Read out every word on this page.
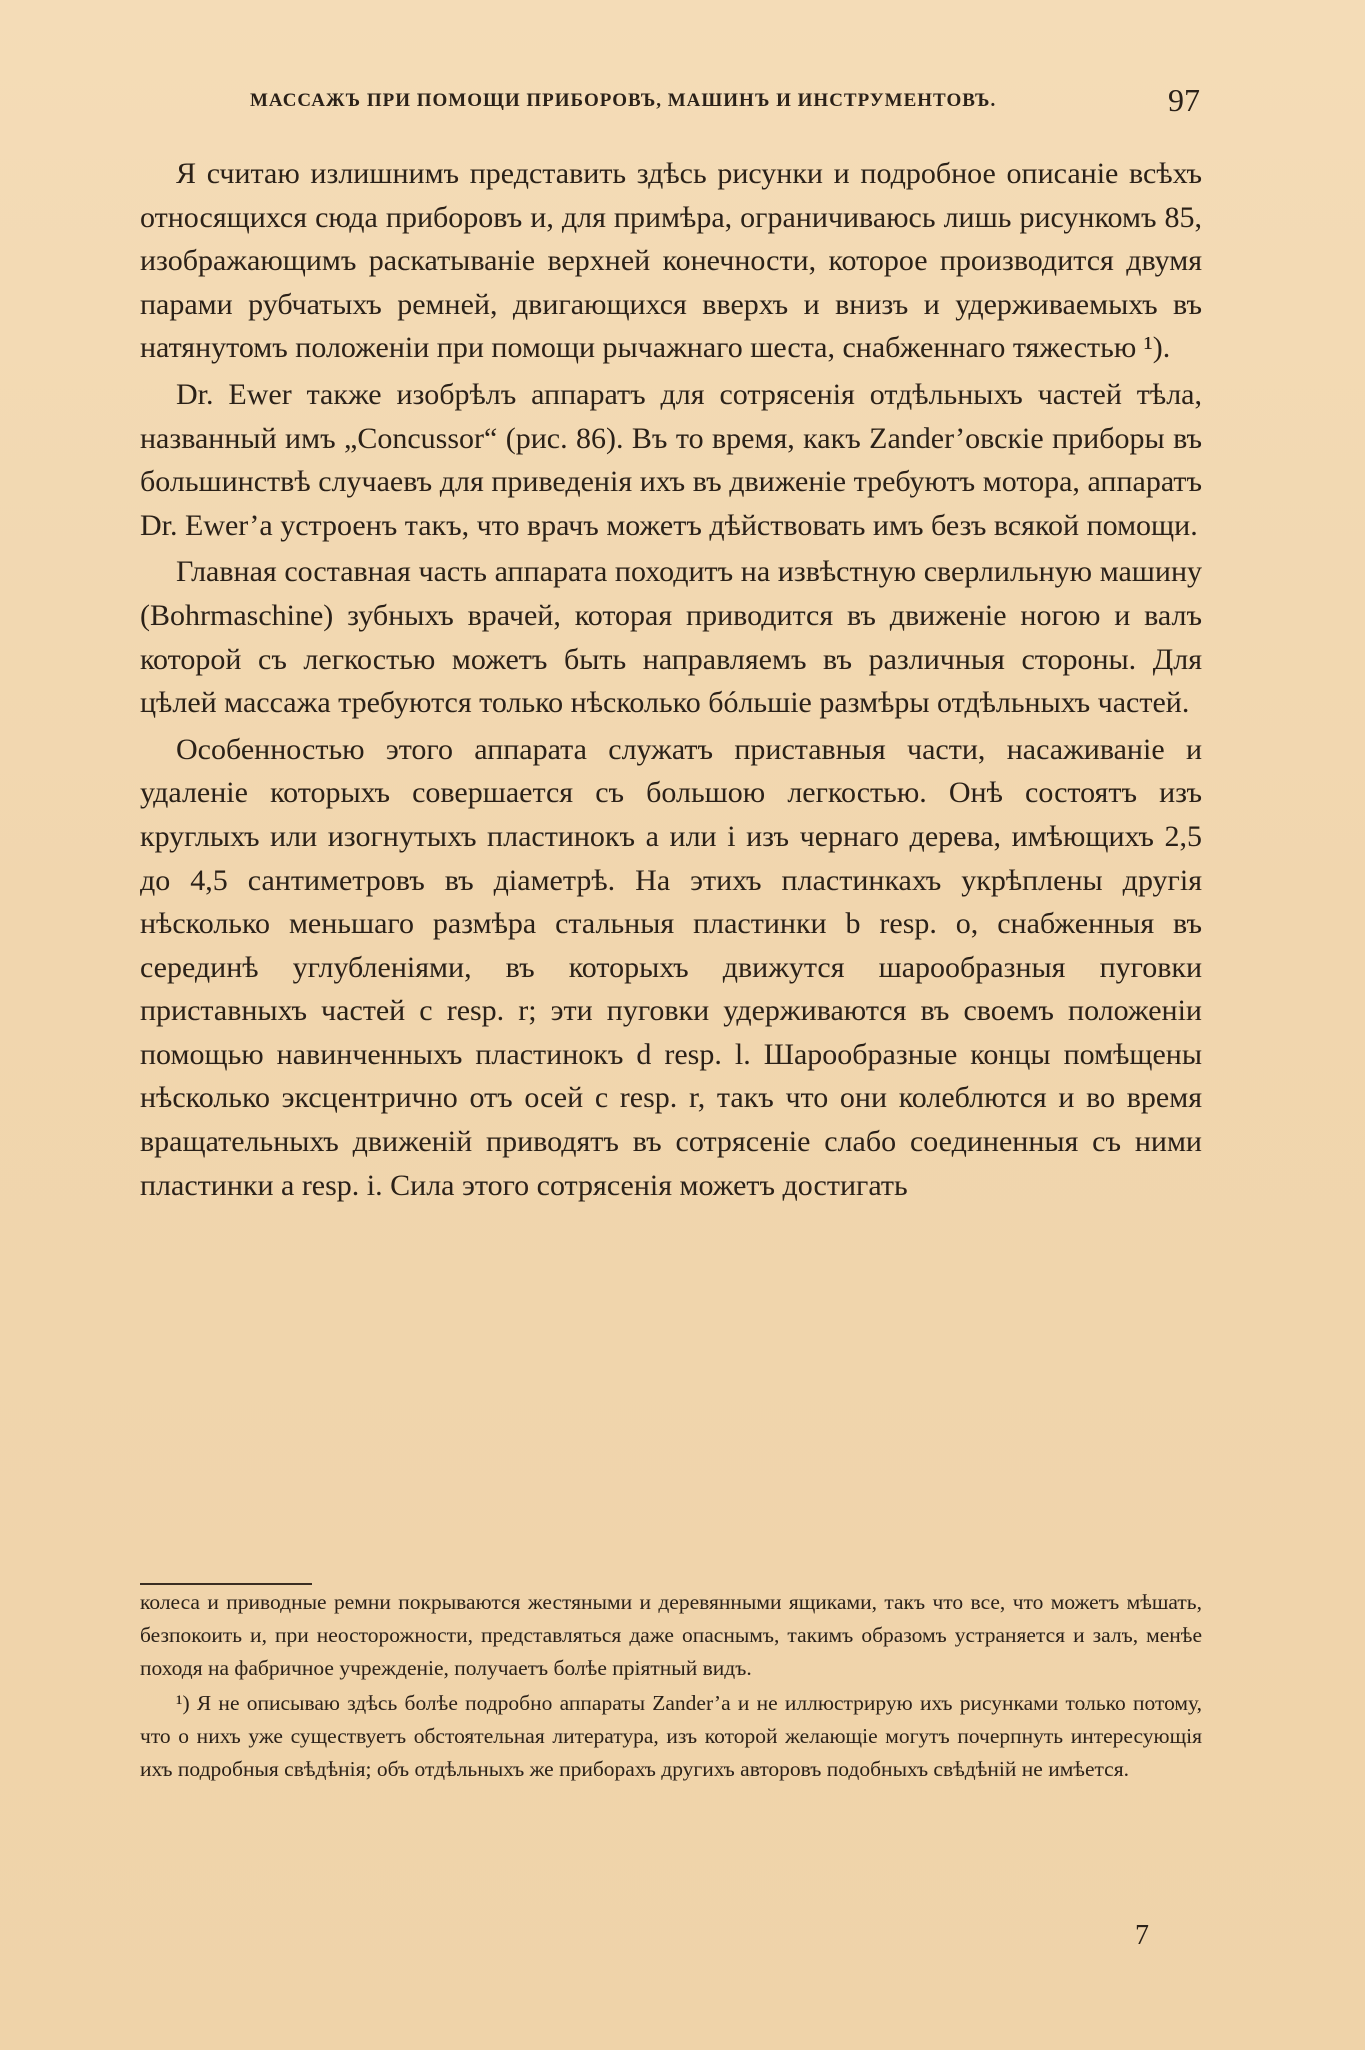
МАССАЖЪ ПРИ ПОМОЩИ ПРИБОРОВЪ, МАШИНЪ И ИНСТРУМЕНТОВЪ.	97

Я считаю излишнимъ представить здѣсь рисунки и подробное описаніе всѣхъ относящихся сюда приборовъ и, для примѣра, ограничиваюсь лишь рисункомъ 85, изображающимъ раскатываніе верхней конечности, которое производится двумя парами рубчатыхъ ремней, двигающихся вверхъ и внизъ и удерживаемыхъ въ натянутомъ положеніи при помощи рычажнаго шеста, снабженнаго тяжестью ¹).

Dr. Ewer также изобрѣлъ аппаратъ для сотрясенія отдѣльныхъ частей тѣла, названный имъ „Concussor“ (рис. 86). Въ то время, какъ Zander’овскіе приборы въ большинствѣ случаевъ для приведенія ихъ въ движеніе требуютъ мотора, аппаратъ Dr. Ewer’a устроенъ такъ, что врачъ можетъ дѣйствовать имъ безъ всякой помощи.

Главная составная часть аппарата походитъ на извѣстную сверлильную машину (Bohrmaschine) зубныхъ врачей, которая приводится въ движеніе ногою и валъ которой съ легкостью можетъ быть направляемъ въ различныя стороны. Для цѣлей массажа требуются только нѣсколько бóльшіе размѣры отдѣльныхъ частей.

Особенностью этого аппарата служатъ приставныя части, насаживаніе и удаленіе которыхъ совершается съ большою легкостью. Онѣ состоятъ изъ круглыхъ или изогнутыхъ пластинокъ a или i изъ чернаго дерева, имѣющихъ 2,5 до 4,5 сантиметровъ въ діаметрѣ. На этихъ пластинкахъ укрѣплены другія нѣсколько меньшаго размѣра стальныя пластинки b resp. o, снабженныя въ серединѣ углубленіями, въ которыхъ движутся шарообразныя пуговки приставныхъ частей c resp. r; эти пуговки удерживаются въ своемъ положеніи помощью навинченныхъ пластинокъ d resp. l. Шарообразные концы помѣщены нѣсколько эксцентрично отъ осей c resp. r, такъ что они колеблются и во время вращательныхъ движеній приводятъ въ сотрясеніе слабо соединенныя съ ними пластинки a resp. i. Сила этого сотрясенія можетъ достигать

колеса и приводные ремни покрываются жестяными и деревянными ящиками, такъ что все, что можетъ мѣшать, безпокоить и, при неосторожности, представляться даже опаснымъ, такимъ образомъ устраняется и залъ, менѣе походя на фабричное учрежденіе, получаетъ болѣе пріятный видъ.

¹) Я не описываю здѣсь болѣе подробно аппараты Zander’a и не иллюстрирую ихъ рисунками только потому, что о нихъ уже существуетъ обстоятельная литература, изъ которой желающіе могутъ почерпнуть интересующія ихъ подробныя свѣдѣнія; объ отдѣльныхъ же приборахъ другихъ авторовъ подобныхъ свѣдѣній не имѣется.

7
